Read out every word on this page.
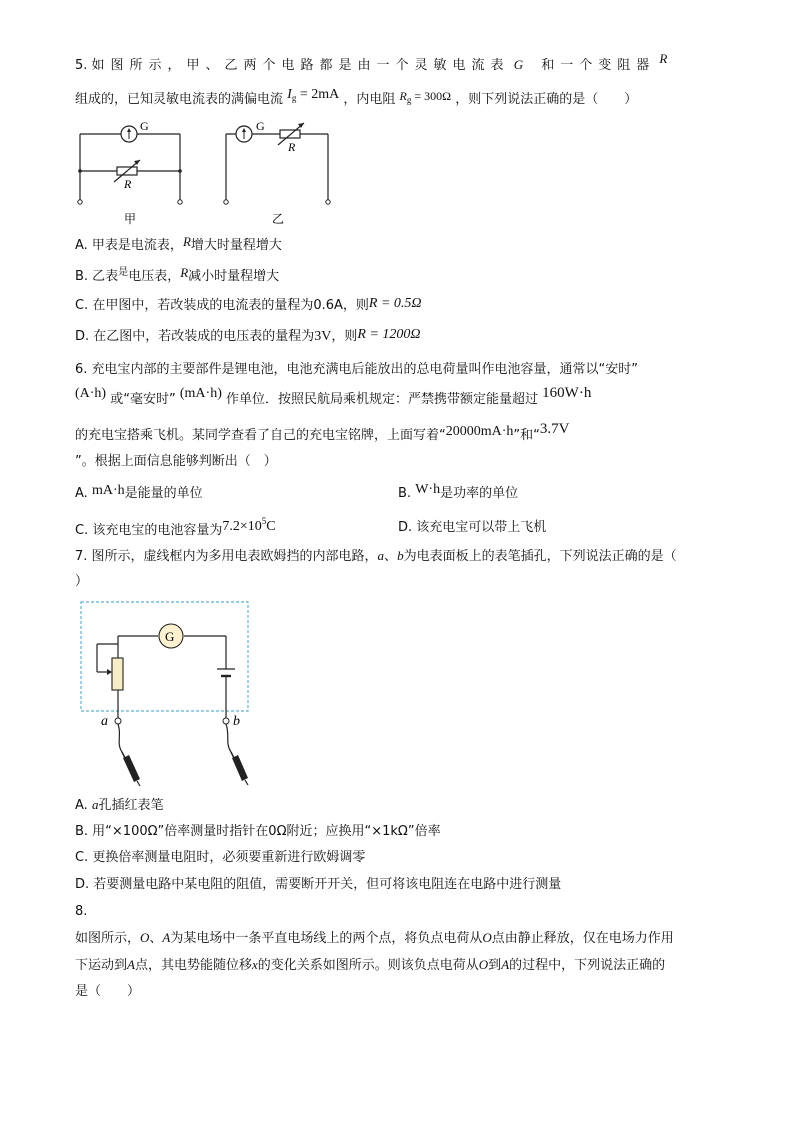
5. 如图所示，甲、乙两个电路都是由一个灵敏电流表 G 和一个变阻器 R
组成的，已知灵敏电流表的满偏电流 $I_g = 2mA$ ，内电阻 $R_g = 300\Omega$ ，则下列说法正确的是（　　）
G
R
甲
G
R
乙
A. 甲表是电流表，R增大时量程增大
B. 乙表$^是$电压表，R减小时量程增大
C. 在甲图中，若改装成的电流表的量程为0.6A，则R = 0.5Ω
D. 在乙图中，若改装成的电压表的量程为3V，则R = 1200Ω
6. 充电宝内部的主要部件是锂电池，电池充满电后能放出的总电荷量叫作电池容量，通常以“安时”
(A·h) 或“毫安时” (mA·h) 作单位．按照民航局乘机规定：严禁携带额定能量超过 160W·h
的充电宝搭乘飞机。某同学查看了自己的充电宝铭牌，上面写着“20000mA·h”和“3.7V
”。根据上面信息能够判断出（　）
A. mA·h是能量的单位	B. W·h是功率的单位
C. 该充电宝的电池容量为$7.2\times 10^5C$	D. 该充电宝可以带上飞机
7. 图所示，虚线框内为多用电表欧姆挡的内部电路，a、b为电表面板上的表笔插孔，下列说法正确的是（
）
G
a	b
A. a孔插红表笔
B. 用“×100Ω”倍率测量时指针在0Ω附近；应换用“×1kΩ”倍率
C. 更换倍率测量电阻时，必须要重新进行欧姆调零
D. 若要测量电路中某电阻的阻值，需要断开开关，但可将该电阻连在电路中进行测量
8.
如图所示，O、A为某电场中一条平直电场线上的两个点，将负点电荷从O点由静止释放，仅在电场力作用
下运动到A点，其电势能随位移x的变化关系如图所示。则该负点电荷从O到A的过程中，下列说法正确的
是（　　）
